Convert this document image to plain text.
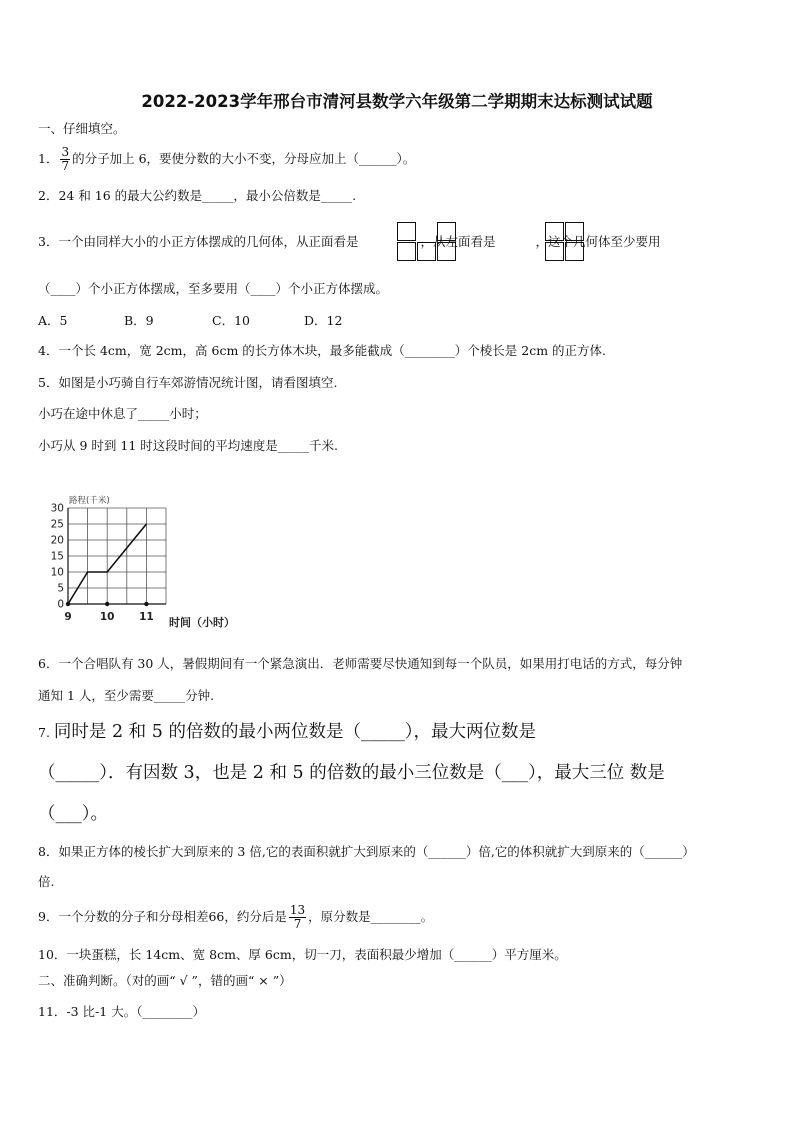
2022-2023学年邢台市清河县数学六年级第二学期期末达标测试试题
一、仔细填空。
1． $\frac{3}{7}$ 的分子加上 6，要使分数的大小不变，分母应加上（______）。
2．24 和 16 的最大公约数是_____，最小公倍数是_____.
3．一个由同样大小的小正方体摆成的几何体，从正面看是	，从左面看是	，这个几何体至少要用
（____）个小正方体摆成，至多要用（____）个小正方体摆成。
A．5	B．9	C．10	D．12
4．一个长 4cm，宽 2cm，高 6cm 的长方体木块，最多能截成（________）个棱长是 2cm 的正方体.
5．如图是小巧骑自行车郊游情况统计图，请看图填空.
小巧在途中休息了_____小时；
小巧从 9 时到 11 时这段时间的平均速度是_____千米.
路程(千米)
时间（小时）
30
25
20
15
10
5
0
9	10 11
6．一个合唱队有 30 人，暑假期间有一个紧急演出．老师需要尽快通知到每一个队员，如果用打电话的方式，每分钟
通知 1 人，至少需要_____分钟.
7. 同时是 2 和 5 的倍数的最小两位数是（_____），最大两位数是
（_____）．有因数 3，也是 2 和 5 的倍数的最小三位数是（___），最大三位 数是
（___）。
8．如果正方体的棱长扩大到原来的 3 倍,它的表面积就扩大到原来的（______）倍,它的体积就扩大到原来的（______）
倍.
9．一个分数的分子和分母相差66，约分后是 $\frac{13}{7}$ ，原分数是________。
10．一块蛋糕，长 14cm、宽 8cm、厚 6cm，切一刀，表面积最少增加（______）平方厘米。
二、准确判断。（对的画“ √ ”，错的画“ × ”）
11．-3 比-1 大。（________）
